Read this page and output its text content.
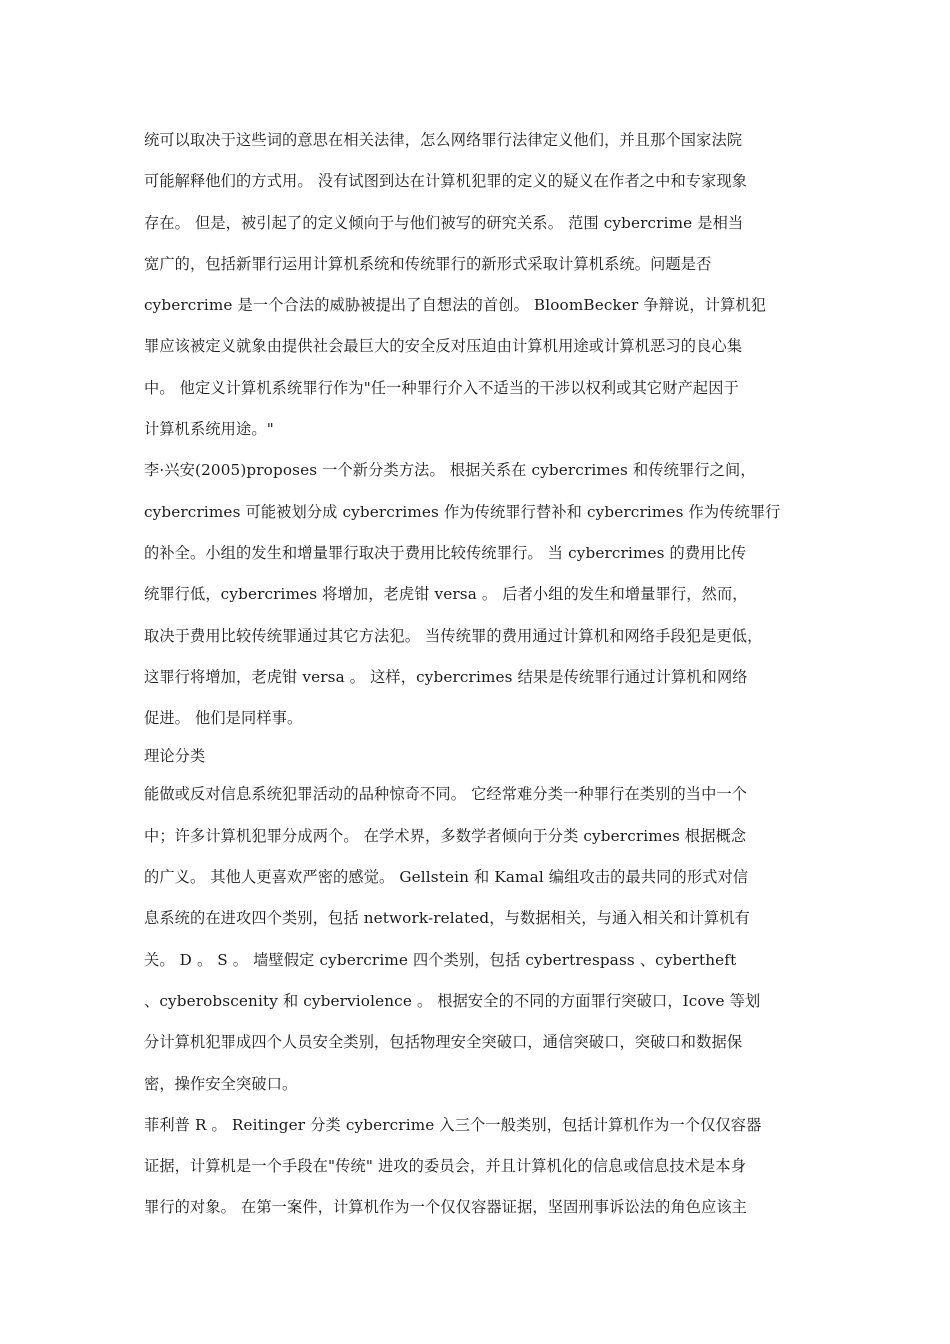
统可以取决于这些词的意思在相关法律，怎么网络罪行法律定义他们，并且那个国家法院
可能解释他们的方式用。 没有试图到达在计算机犯罪的定义的疑义在作者之中和专家现象
存在。 但是，被引起了的定义倾向于与他们被写的研究关系。 范围 cybercrime 是相当
宽广的，包括新罪行运用计算机系统和传统罪行的新形式采取计算机系统。问题是否
cybercrime 是一个合法的威胁被提出了自想法的首创。 BloomBecker 争辩说，计算机犯
罪应该被定义就象由提供社会最巨大的安全反对压迫由计算机用途或计算机恶习的良心集
中。 他定义计算机系统罪行作为"任一种罪行介入不适当的干涉以权利或其它财产起因于
计算机系统用途。"
李·兴安(2005)proposes 一个新分类方法。 根据关系在 cybercrimes 和传统罪行之间，
cybercrimes 可能被划分成 cybercrimes 作为传统罪行替补和 cybercrimes 作为传统罪行
的补全。小组的发生和增量罪行取决于费用比较传统罪行。 当 cybercrimes 的费用比传
统罪行低，cybercrimes 将增加，老虎钳 versa 。 后者小组的发生和增量罪行，然而，
取决于费用比较传统罪通过其它方法犯。 当传统罪的费用通过计算机和网络手段犯是更低，
这罪行将增加，老虎钳 versa 。 这样，cybercrimes 结果是传统罪行通过计算机和网络
促进。 他们是同样事。
理论分类
能做或反对信息系统犯罪活动的品种惊奇不同。 它经常难分类一种罪行在类别的当中一个
中；许多计算机犯罪分成两个。 在学术界，多数学者倾向于分类 cybercrimes 根据概念
的广义。 其他人更喜欢严密的感觉。 Gellstein 和 Kamal 编组攻击的最共同的形式对信
息系统的在进攻四个类别，包括 network-related，与数据相关，与通入相关和计算机有
关。 D 。 S 。 墙壁假定 cybercrime 四个类别，包括 cybertrespass 、cybertheft
、cyberobscenity 和 cyberviolence 。 根据安全的不同的方面罪行突破口，Icove 等划
分计算机犯罪成四个人员安全类别，包括物理安全突破口，通信突破口，突破口和数据保
密，操作安全突破口。
菲利普 R 。 Reitinger 分类 cybercrime 入三个一般类别，包括计算机作为一个仅仅容器
证据，计算机是一个手段在"传统" 进攻的委员会，并且计算机化的信息或信息技术是本身
罪行的对象。 在第一案件，计算机作为一个仅仅容器证据，坚固刑事诉讼法的角色应该主
